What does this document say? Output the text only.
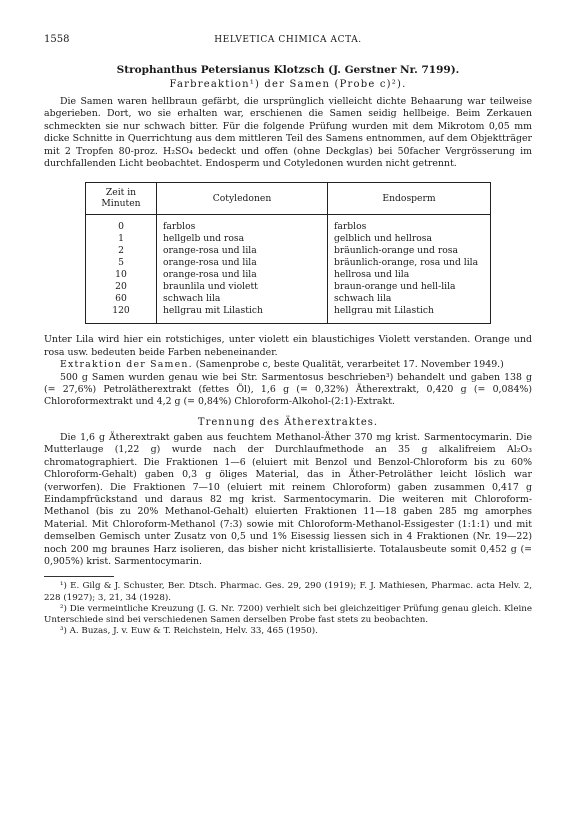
1558	HELVETICA CHIMICA ACTA.
Strophanthus Petersianus Klotzsch (J. Gerstner Nr. 7199).
Farbreaktion¹) der Samen (Probe c)²).

Die Samen waren hellbraun gefärbt, die ursprünglich vielleicht dichte Behaarung war teilweise abgerieben. Dort, wo sie erhalten war, erschienen die Samen seidig hellbeige. Beim Zerkauen schmeckten sie nur schwach bitter. Für die folgende Prüfung wurden mit dem Mikrotom 0,05 mm dicke Schnitte in Querrichtung aus dem mittleren Teil des Samens entnommen, auf dem Objektträger mit 2 Tropfen 80-proz. H₂SO₄ bedeckt und offen (ohne Deckglas) bei 50facher Vergrösserung im durchfallenden Licht beobachtet. Endosperm und Cotyledonen wurden nicht getrennt.

Zeit in
Minuten	Cotyledonen	Endosperm
0	farblos	farblos
1	hellgelb und rosa	gelblich und hellrosa
2	orange-rosa und lila	bräunlich-orange und rosa
5	orange-rosa und lila	bräunlich-orange, rosa und lila
10	orange-rosa und lila	hellrosa und lila
20	braunlila und violett	braun-orange und hell-lila
60	schwach lila	schwach lila
120	hellgrau mit Lilastich	hellgrau mit Lilastich

Unter Lila wird hier ein rotstichiges, unter violett ein blaustichiges Violett verstanden. Orange und rosa usw. bedeuten beide Farben nebeneinander.

Extraktion der Samen. (Samenprobe c, beste Qualität, verarbeitet 17. November 1949.)

500 g Samen wurden genau wie bei Str. Sarmentosus beschrieben³) behandelt und gaben 138 g (= 27,6%) Petrolätherextrakt (fettes Öl), 1,6 g (= 0,32%) Ätherextrakt, 0,420 g (= 0,084%) Chloroformextrakt und 4,2 g (= 0,84%) Chloroform-Alkohol-(2:1)-Extrakt.

Trennung des Ätherextraktes.

Die 1,6 g Ätherextrakt gaben aus feuchtem Methanol-Äther 370 mg krist. Sarmentocymarin. Die Mutterlauge (1,22 g) wurde nach der Durchlaufmethode an 35 g alkalifreiem Al₂O₃ chromatographiert. Die Fraktionen 1—6 (eluiert mit Benzol und Benzol-Chloroform bis zu 60% Chloroform-Gehalt) gaben 0,3 g öliges Material, das in Äther-Petroläther leicht löslich war (verworfen). Die Fraktionen 7—10 (eluiert mit reinem Chloroform) gaben zusammen 0,417 g Eindampfrückstand und daraus 82 mg krist. Sarmentocymarin. Die weiteren mit Chloroform-Methanol (bis zu 20% Methanol-Gehalt) eluierten Fraktionen 11—18 gaben 285 mg amorphes Material. Mit Chloroform-Methanol (7:3) sowie mit Chloroform-Methanol-Essigester (1:1:1) und mit demselben Gemisch unter Zusatz von 0,5 und 1% Eisessig liessen sich in 4 Fraktionen (Nr. 19—22) noch 200 mg braunes Harz isolieren, das bisher nicht kristallisierte. Totalausbeute somit 0,452 g (= 0,905%) krist. Sarmentocymarin.

¹) E. Gilg & J. Schuster, Ber. Dtsch. Pharmac. Ges. 29, 290 (1919); F. J. Mathiesen, Pharmac. acta Helv. 2, 228 (1927); 3, 21, 34 (1928).

²) Die vermeintliche Kreuzung (J. G. Nr. 7200) verhielt sich bei gleichzeitiger Prüfung genau gleich. Kleine Unterschiede sind bei verschiedenen Samen derselben Probe fast stets zu beobachten.

³) A. Buzas, J. v. Euw & T. Reichstein, Helv. 33, 465 (1950).
